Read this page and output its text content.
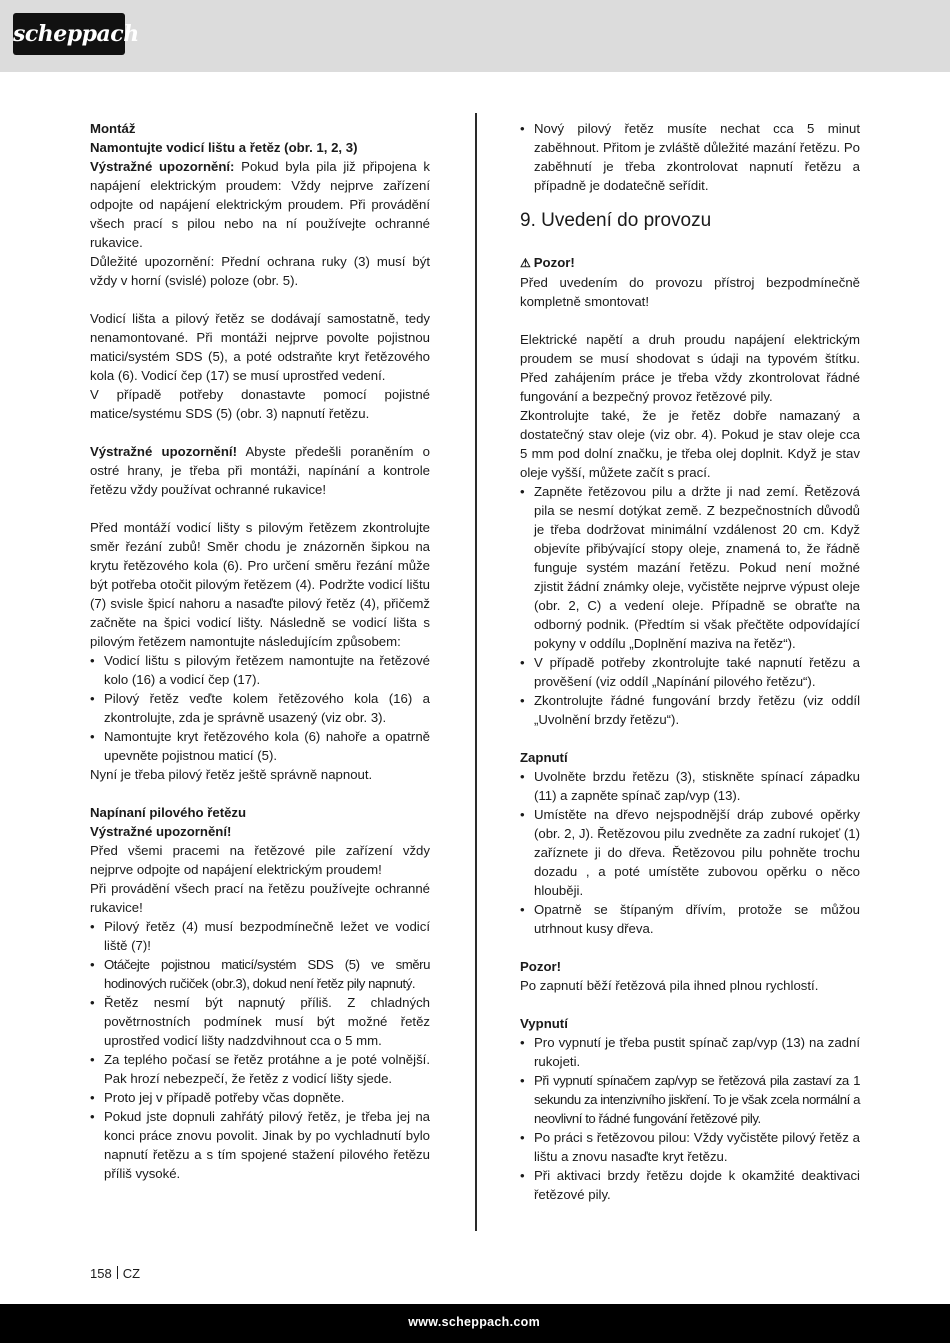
scheppach

Montáž

Namontujte vodicí lištu a řetěz (obr. 1, 2, 3)

Výstražné upozornění: Pokud byla pila již připojena k napájení elektrickým proudem: Vždy nejprve zařízení odpojte od napájení elektrickým proudem. Při provádění všech prací s pilou nebo na ní používejte ochranné rukavice.

Důležité upozornění: Přední ochrana ruky (3) musí být vždy v horní (svislé) poloze (obr. 5).

Vodicí lišta a pilový řetěz se dodávají samostatně, tedy nenamontované. Při montáži nejprve povolte pojistnou matici/systém SDS (5), a poté odstraňte kryt řetězového kola (6). Vodicí čep (17) se musí uprostřed vedení.

V případě potřeby donastavte pomocí pojistné matice/systému SDS (5) (obr. 3) napnutí řetězu.

Výstražné upozornění! Abyste předešli poraněním o ostré hrany, je třeba při montáži, napínání a kontrole řetězu vždy používat ochranné rukavice!

Před montáží vodicí lišty s pilovým řetězem zkontrolujte směr řezání zubů! Směr chodu je znázorněn šipkou na krytu řetězového kola (6). Pro určení směru řezání může být potřeba otočit pilovým řetězem (4). Podržte vodicí lištu (7) svisle špicí nahoru a nasaďte pilový řetěz (4), přičemž začněte na špici vodicí lišty. Následně se vodicí lišta s pilovým řetězem namontujte následujícím způsobem:

• Vodicí lištu s pilovým řetězem namontujte na řetězové kolo (16) a vodicí čep (17).
• Pilový řetěz veďte kolem řetězového kola (16) a zkontrolujte, zda je správně usazený (viz obr. 3).
• Namontujte kryt řetězového kola (6) nahoře a opatrně upevněte pojistnou maticí (5).

Nyní je třeba pilový řetěz ještě správně napnout.

Napínaní pilového řetězu

Výstražné upozornění!

Před všemi pracemi na řetězové pile zařízení vždy nejprve odpojte od napájení elektrickým proudem!

Při provádění všech prací na řetězu používejte ochranné rukavice!

• Pilový řetěz (4) musí bezpodmínečně ležet ve vodicí liště (7)!
• Otáčejte pojistnou maticí/systém SDS (5) ve směru hodinových ručiček (obr.3), dokud není řetěz pily napnutý.
• Řetěz nesmí být napnutý příliš. Z chladných povětrnostních podmínek musí být možné řetěz uprostřed vodicí lišty nadzdvihnout cca o 5 mm.
• Za teplého počasí se řetěz protáhne a je poté volnější. Pak hrozí nebezpečí, že řetěz z vodicí lišty sjede.
• Proto jej v případě potřeby včas dopněte.
• Pokud jste dopnuli zahřátý pilový řetěz, je třeba jej na konci práce znovu povolit. Jinak by po vychladnutí bylo napnutí řetězu a s tím spojené stažení pilového řetězu příliš vysoké.
• Nový pilový řetěz musíte nechat cca 5 minut zaběhnout. Přitom je zvláště důležité mazání řetězu. Po zaběhnutí je třeba zkontrolovat napnutí řetězu a případně je dodatečně seřídit.
9. Uvedení do provozu

⚠ Pozor!

Před uvedením do provozu přístroj bezpodmínečně kompletně smontovat!

Elektrické napětí a druh proudu napájení elektrickým proudem se musí shodovat s údaji na typovém štítku. Před zahájením práce je třeba vždy zkontrolovat řádné fungování a bezpečný provoz řetězové pily.

Zkontrolujte také, že je řetěz dobře namazaný a dostatečný stav oleje (viz obr. 4). Pokud je stav oleje cca 5 mm pod dolní značku, je třeba olej doplnit. Když je stav oleje vyšší, můžete začít s prací.

• Zapněte řetězovou pilu a držte ji nad zemí. Řetězová pila se nesmí dotýkat země. Z bezpečnostních důvodů je třeba dodržovat minimální vzdálenost 20 cm. Když objevíte přibývající stopy oleje, znamená to, že řádně funguje systém mazání řetězu. Pokud není možné zjistit žádní známky oleje, vyčistěte nejprve výpust oleje (obr. 2, C) a vedení oleje. Případně se obraťte na odborný podnik. (Předtím si však přečtěte odpovídající pokyny v oddílu „Doplnění maziva na řetěz“).
• V případě potřeby zkontrolujte také napnutí řetězu a prověšení (viz oddíl „Napínání pilového řetězu“).
• Zkontrolujte řádné fungování brzdy řetězu (viz oddíl „Uvolnění brzdy řetězu“).

Zapnutí

• Uvolněte brzdu řetězu (3), stiskněte spínací západku (11) a zapněte spínač zap/vyp (13).
• Umístěte na dřevo nejspodnější dráp zubové opěrky (obr. 2, J). Řetězovou pilu zvedněte za zadní rukojeť (1) zaříznete ji do dřeva. Řetězovou pilu pohněte trochu dozadu , a poté umístěte zubovou opěrku o něco hlouběji.
• Opatrně se štípaným dřívím, protože se můžou utrhnout kusy dřeva.

Pozor!

Po zapnutí běží řetězová pila ihned plnou rychlostí.

Vypnutí

• Pro vypnutí je třeba pustit spínač zap/vyp (13) na zadní rukojeti.
• Při vypnutí spínačem zap/vyp se řetězová pila zastaví za 1 sekundu za intenzivního jiskření. To je však zcela normální a neovlivní to řádné fungování řetězové pily.
• Po práci s řetězovou pilou: Vždy vyčistěte pilový řetěz a lištu a znovu nasaďte kryt řetězu.
• Při aktivaci brzdy řetězu dojde k okamžité deaktivaci řetězové pily.
158 CZ
www.scheppach.com
